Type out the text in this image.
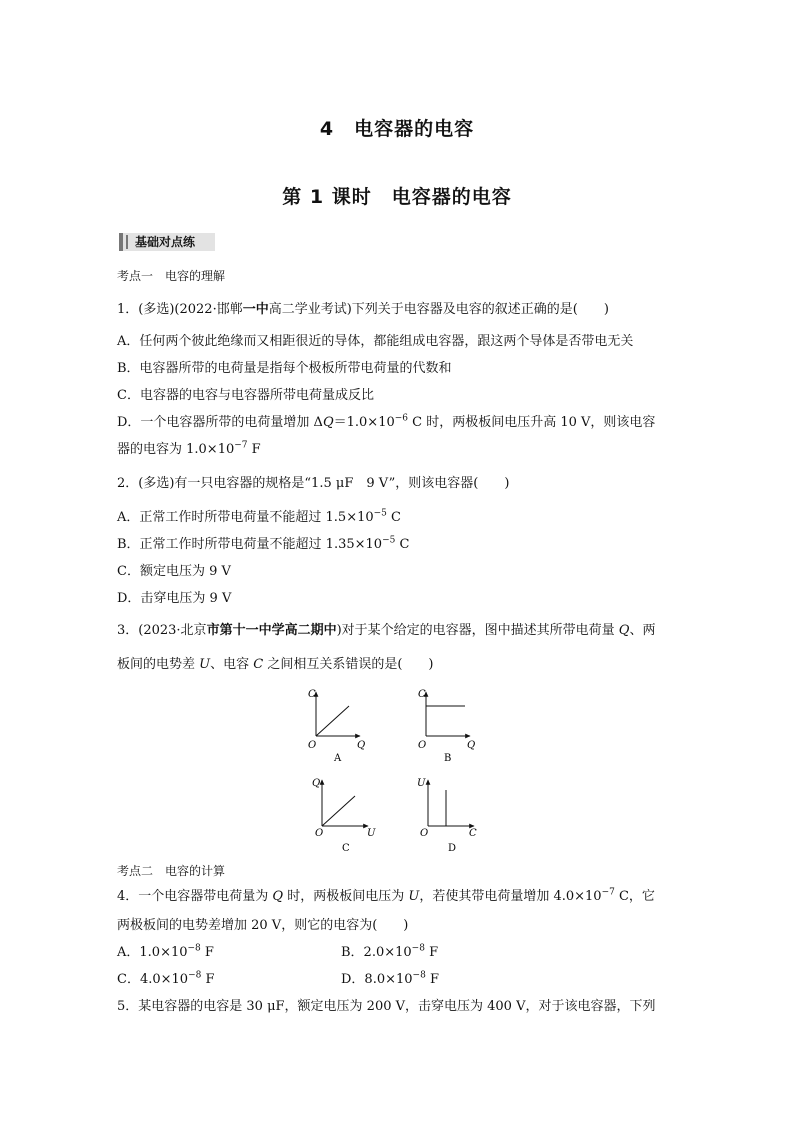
4　电容器的电容
第 1 课时　电容器的电容
基础对点练
考点一　电容的理解
1．(多选)(2022·邯郸一中高二学业考试)下列关于电容器及电容的叙述正确的是(　　)
A．任何两个彼此绝缘而又相距很近的导体，都能组成电容器，跟这两个导体是否带电无关
B．电容器所带的电荷量是指每个极板所带电荷量的代数和
C．电容器的电容与电容器所带电荷量成反比
D．一个电容器所带的电荷量增加 $\Delta Q=1.0\times 10^{-6}$ C 时，两极板间电压升高 10 V，则该电容
器的电容为 $1.0\times 10^{-7}$ F
2．(多选)有一只电容器的规格是“1.5 μF　9 V”，则该电容器(　　)
A．正常工作时所带电荷量不能超过 $1.5\times 10^{-5}$ C
B．正常工作时所带电荷量不能超过 $1.35\times 10^{-5}$ C
C．额定电压为 9 V
D．击穿电压为 9 V
3．(2023·北京市第十一中学高二期中)对于某个给定的电容器，图中描述其所带电荷量 Q、两
板间的电势差 U、电容 C 之间相互关系错误的是(　　)
C
Q
O
A
C
Q
O
B
Q
U
O
C
U
C
O
D
考点二　电容的计算
4．一个电容器带电荷量为 Q 时，两极板间电压为 U，若使其带电荷量增加 $4.0\times 10^{-7}$ C，它
两极板间的电势差增加 20 V，则它的电容为(　　)
A．$1.0\times 10^{-8}$ F	B．$2.0\times 10^{-8}$ F
C．$4.0\times 10^{-8}$ F	D．$8.0\times 10^{-8}$ F
5．某电容器的电容是 30 μF，额定电压为 200 V，击穿电压为 400 V，对于该电容器，下列
